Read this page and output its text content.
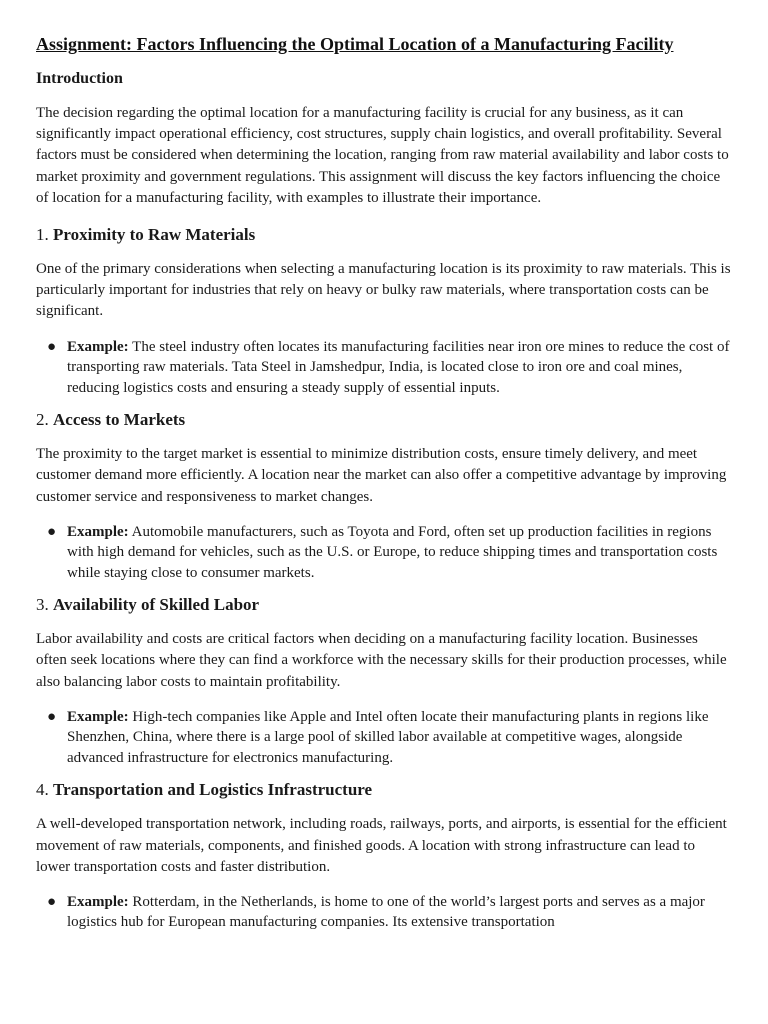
Assignment: Factors Influencing the Optimal Location of a Manufacturing Facility
Introduction

The decision regarding the optimal location for a manufacturing facility is crucial for any business, as it can significantly impact operational efficiency, cost structures, supply chain logistics, and overall profitability. Several factors must be considered when determining the location, ranging from raw material availability and labor costs to market proximity and government regulations. This assignment will discuss the key factors influencing the choice of location for a manufacturing facility, with examples to illustrate their importance.

1. Proximity to Raw Materials

One of the primary considerations when selecting a manufacturing location is its proximity to raw materials. This is particularly important for industries that rely on heavy or bulky raw materials, where transportation costs can be significant.

● Example: The steel industry often locates its manufacturing facilities near iron ore mines to reduce the cost of transporting raw materials. Tata Steel in Jamshedpur, India, is located close to iron ore and coal mines, reducing logistics costs and ensuring a steady supply of essential inputs.
2. Access to Markets

The proximity to the target market is essential to minimize distribution costs, ensure timely delivery, and meet customer demand more efficiently. A location near the market can also offer a competitive advantage by improving customer service and responsiveness to market changes.

● Example: Automobile manufacturers, such as Toyota and Ford, often set up production facilities in regions with high demand for vehicles, such as the U.S. or Europe, to reduce shipping times and transportation costs while staying close to consumer markets.
3. Availability of Skilled Labor

Labor availability and costs are critical factors when deciding on a manufacturing facility location. Businesses often seek locations where they can find a workforce with the necessary skills for their production processes, while also balancing labor costs to maintain profitability.

● Example: High-tech companies like Apple and Intel often locate their manufacturing plants in regions like Shenzhen, China, where there is a large pool of skilled labor available at competitive wages, alongside advanced infrastructure for electronics manufacturing.
4. Transportation and Logistics Infrastructure

A well-developed transportation network, including roads, railways, ports, and airports, is essential for the efficient movement of raw materials, components, and finished goods. A location with strong infrastructure can lead to lower transportation costs and faster distribution.

● Example: Rotterdam, in the Netherlands, is home to one of the world’s largest ports and serves as a major logistics hub for European manufacturing companies. Its extensive transportation
